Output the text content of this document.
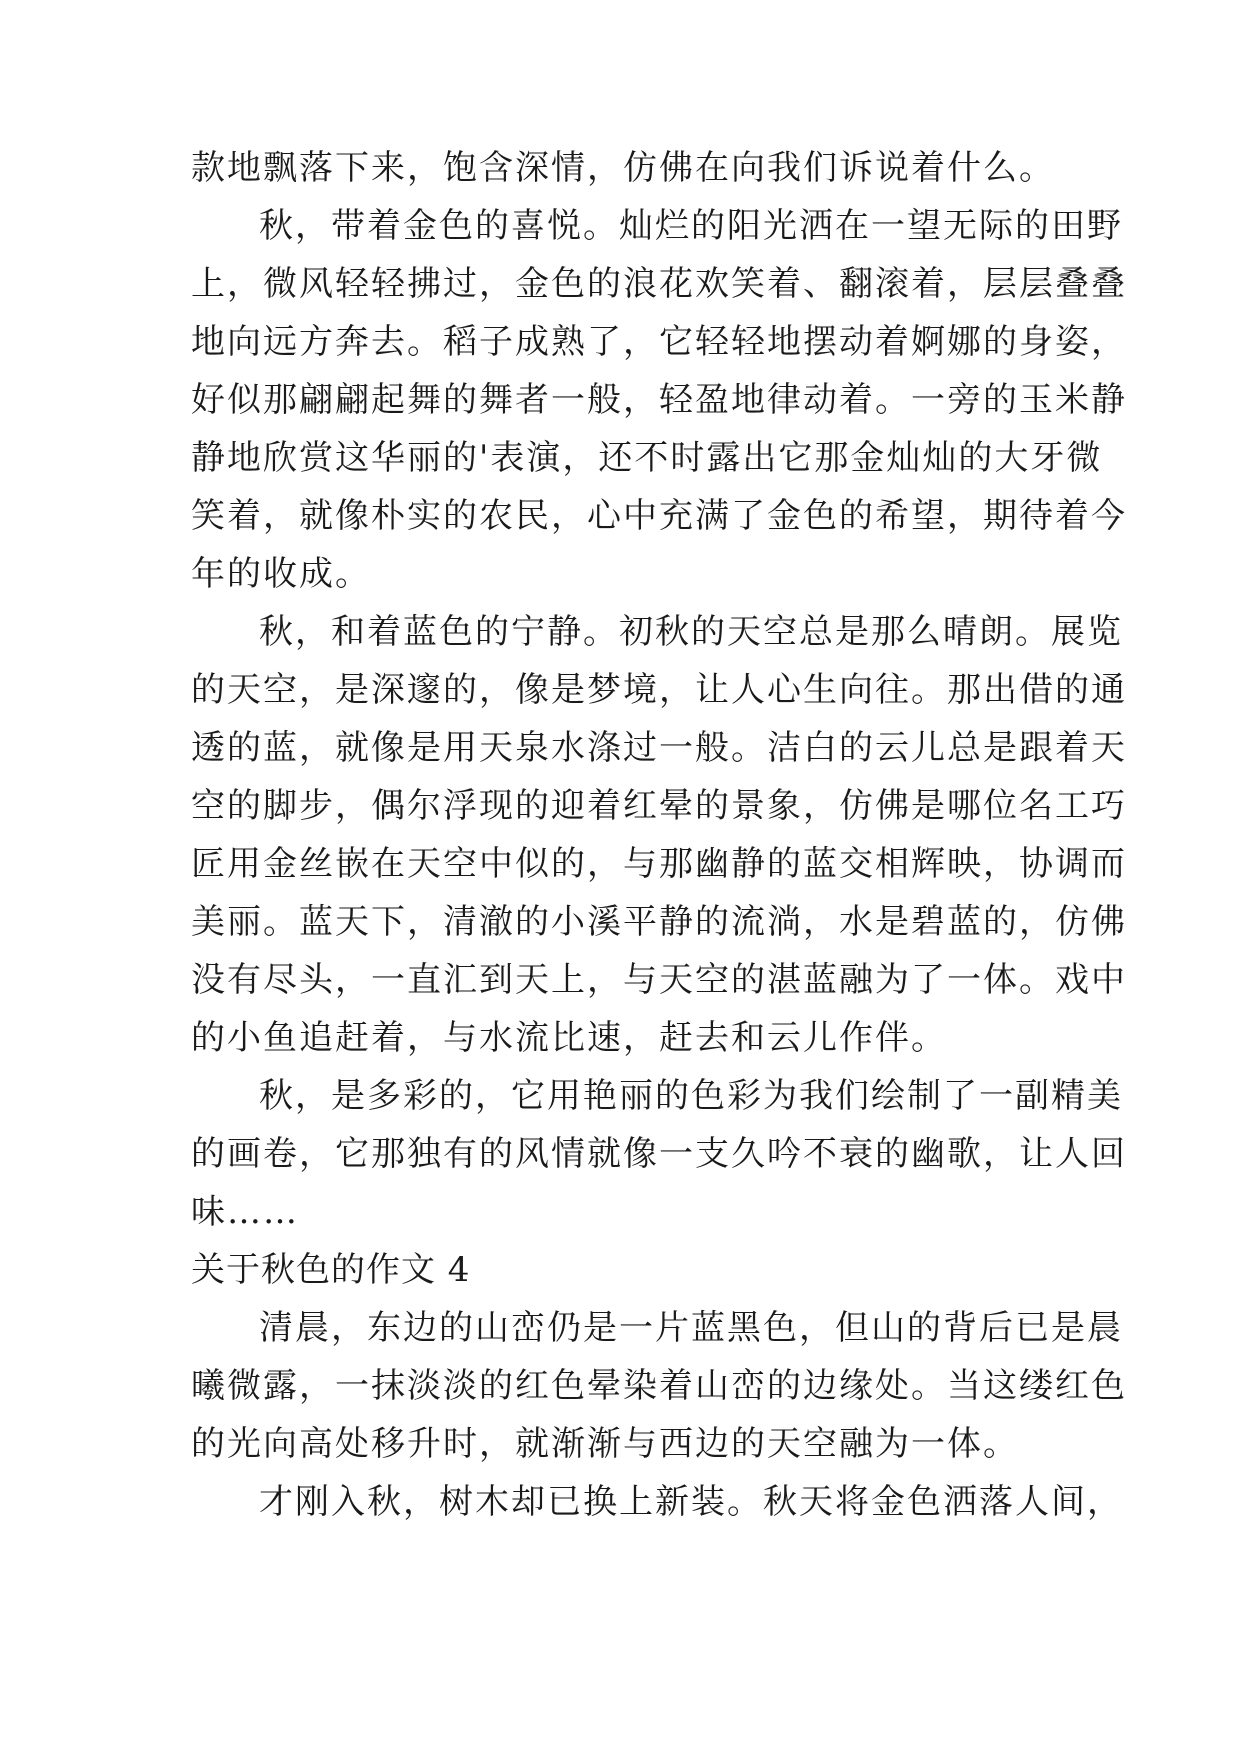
款地飘落下来，饱含深情，仿佛在向我们诉说着什么。

秋，带着金色的喜悦。灿烂的阳光洒在一望无际的田野

上，微风轻轻拂过，金色的浪花欢笑着、翻滚着，层层叠叠

地向远方奔去。稻子成熟了，它轻轻地摆动着婀娜的身姿，

好似那翩翩起舞的舞者一般，轻盈地律动着。一旁的玉米静

静地欣赏这华丽的'表演，还不时露出它那金灿灿的大牙微

笑着，就像朴实的农民，心中充满了金色的希望，期待着今

年的收成。

秋，和着蓝色的宁静。初秋的天空总是那么晴朗。展览

的天空，是深邃的，像是梦境，让人心生向往。那出借的通

透的蓝，就像是用天泉水涤过一般。洁白的云儿总是跟着天

空的脚步，偶尔浮现的迎着红晕的景象，仿佛是哪位名工巧

匠用金丝嵌在天空中似的，与那幽静的蓝交相辉映，协调而

美丽。蓝天下，清澈的小溪平静的流淌，水是碧蓝的，仿佛

没有尽头，一直汇到天上，与天空的湛蓝融为了一体。戏中

的小鱼追赶着，与水流比速，赶去和云儿作伴。

秋，是多彩的，它用艳丽的色彩为我们绘制了一副精美

的画卷，它那独有的风情就像一支久吟不衰的幽歌，让人回

味……

关于秋色的作文 4

清晨，东边的山峦仍是一片蓝黑色，但山的背后已是晨

曦微露，一抹淡淡的红色晕染着山峦的边缘处。当这缕红色

的光向高处移升时，就渐渐与西边的天空融为一体。

才刚入秋，树木却已换上新装。秋天将金色洒落人间，
